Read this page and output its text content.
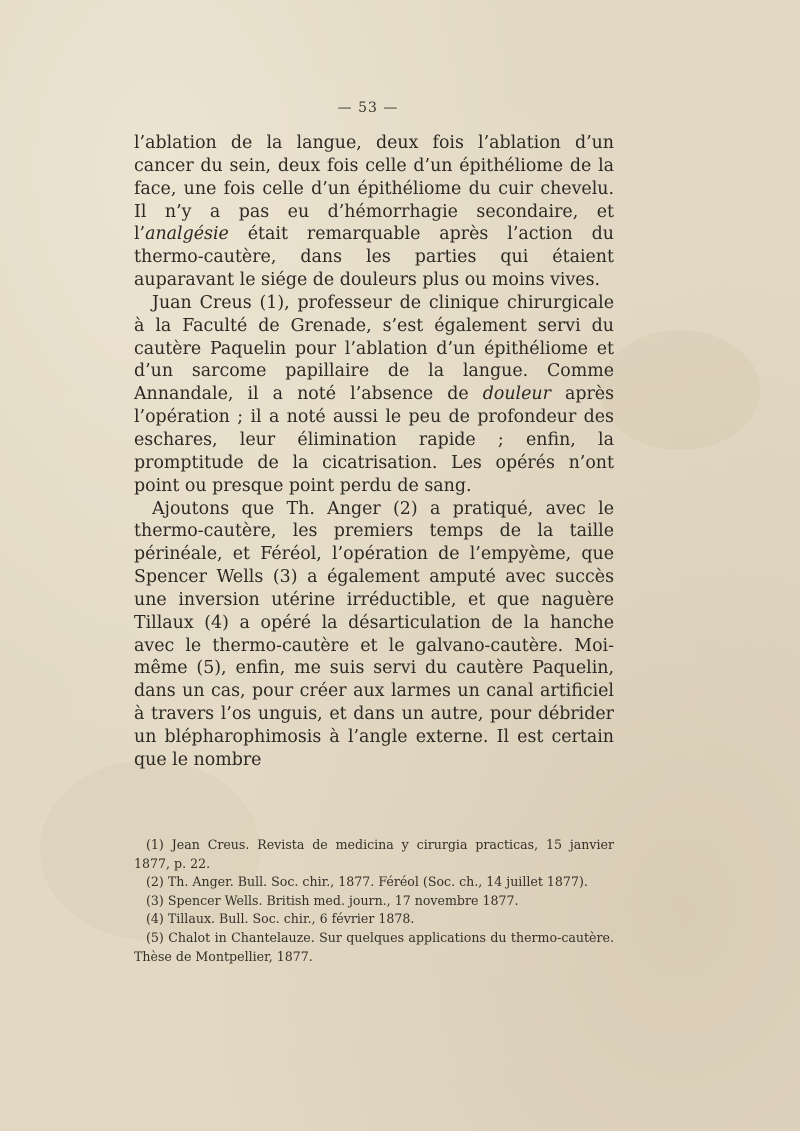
— 53 —

l’ablation de la langue, deux fois l’ablation d’un cancer du sein, deux fois celle d’un épithéliome de la face, une fois celle d’un épithéliome du cuir chevelu. Il n’y a pas eu d’hémorrhagie secondaire, et l’analgésie était remarquable après l’action du thermo-cautère, dans les parties qui étaient auparavant le siége de douleurs plus ou moins vives.

Juan Creus (1), professeur de clinique chirurgicale à la Faculté de Grenade, s’est également servi du cautère Paquelin pour l’ablation d’un épithéliome et d’un sarcome papillaire de la langue. Comme Annandale, il a noté l’absence de douleur après l’opération ; il a noté aussi le peu de profondeur des eschares, leur élimination rapide ; enfin, la promptitude de la cicatrisation. Les opérés n’ont point ou presque point perdu de sang.

Ajoutons que Th. Anger (2) a pratiqué, avec le thermo-cautère, les premiers temps de la taille périnéale, et Féréol, l’opération de l’empyème, que Spencer Wells (3) a également amputé avec succès une inversion utérine irréductible, et que naguère Tillaux (4) a opéré la désarticulation de la hanche avec le thermo-cautère et le galvano-cautère. Moi-même (5), enfin, me suis servi du cautère Paquelin, dans un cas, pour créer aux larmes un canal artificiel à travers l’os unguis, et dans un autre, pour débrider un blépharophimosis à l’angle externe. Il est certain que le nombre

(1) Jean Creus. Revista de medicina y cirurgia practicas, 15 janvier 1877, p. 22.

(2) Th. Anger. Bull. Soc. chir., 1877. Féréol (Soc. ch., 14 juillet 1877).

(3) Spencer Wells. British med. journ., 17 novembre 1877.

(4) Tillaux. Bull. Soc. chir., 6 février 1878.

(5) Chalot in Chantelauze. Sur quelques applications du thermo-cautère. Thèse de Montpellier, 1877.
